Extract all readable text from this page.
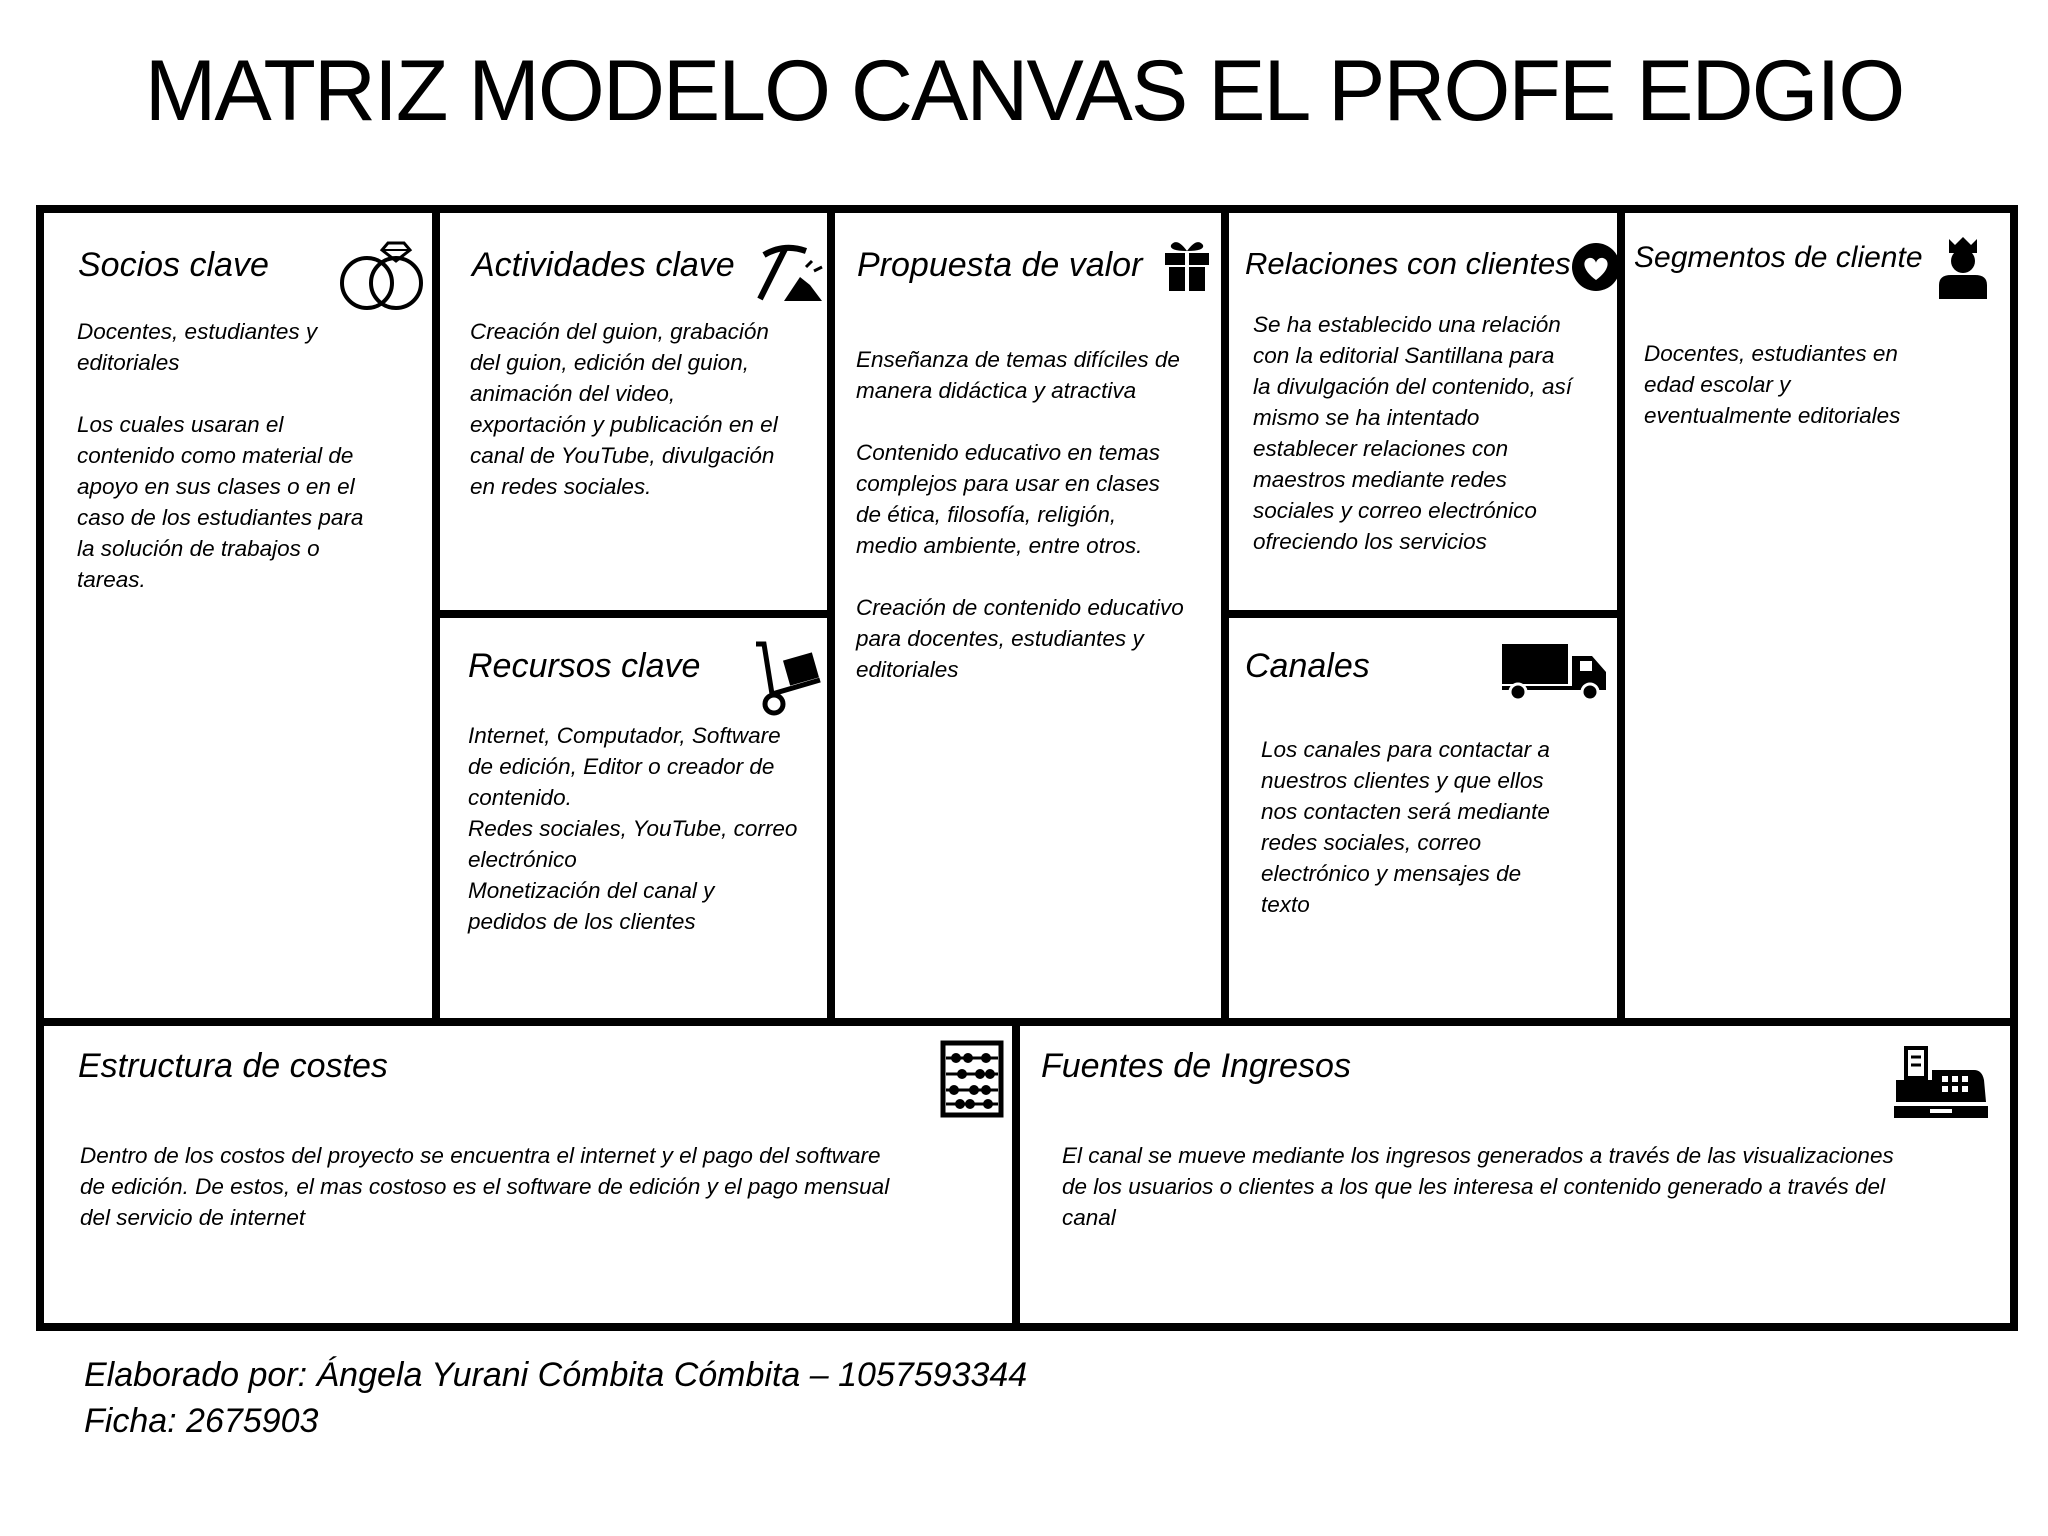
MATRIZ MODELO CANVAS EL PROFE EDGIO
Socios clave
Docentes, estudiantes y
editoriales

Los cuales usaran el
contenido como material de
apoyo en sus clases o en el
caso de los estudiantes para
la solución de trabajos o
tareas.
Actividades clave
Creación del guion, grabación
del guion, edición del guion,
animación del video,
exportación y publicación en el
canal de YouTube, divulgación
en redes sociales.
Recursos clave
Internet, Computador, Software
de edición, Editor o creador de
contenido.
Redes sociales, YouTube, correo
electrónico
Monetización del canal y
pedidos de los clientes
Propuesta de valor
Enseñanza de temas difíciles de
manera didáctica y atractiva

Contenido educativo en temas
complejos para usar en clases
de ética, filosofía, religión,
medio ambiente, entre otros.

Creación de contenido educativo
para docentes, estudiantes y
editoriales
Relaciones con clientes
Se ha establecido una relación
con la editorial Santillana para
la divulgación del contenido, así
mismo se ha intentado
establecer relaciones con
maestros mediante redes
sociales y correo electrónico
ofreciendo los servicios
Canales
Los canales para contactar a
nuestros clientes y que ellos
nos contacten será mediante
redes sociales, correo
electrónico y mensajes de
texto
Segmentos de cliente
Docentes, estudiantes en
edad escolar y
eventualmente editoriales
Estructura de costes
Dentro de los costos del proyecto se encuentra el internet y el pago del software
de edición. De estos, el mas costoso es el software de edición y el pago mensual
del servicio de internet
Fuentes de Ingresos
El canal se mueve mediante los ingresos generados a través de las visualizaciones
de los usuarios o clientes a los que les interesa el contenido generado a través del
canal
Elaborado por: Ángela Yurani Cómbita Cómbita – 1057593344
Ficha: 2675903
